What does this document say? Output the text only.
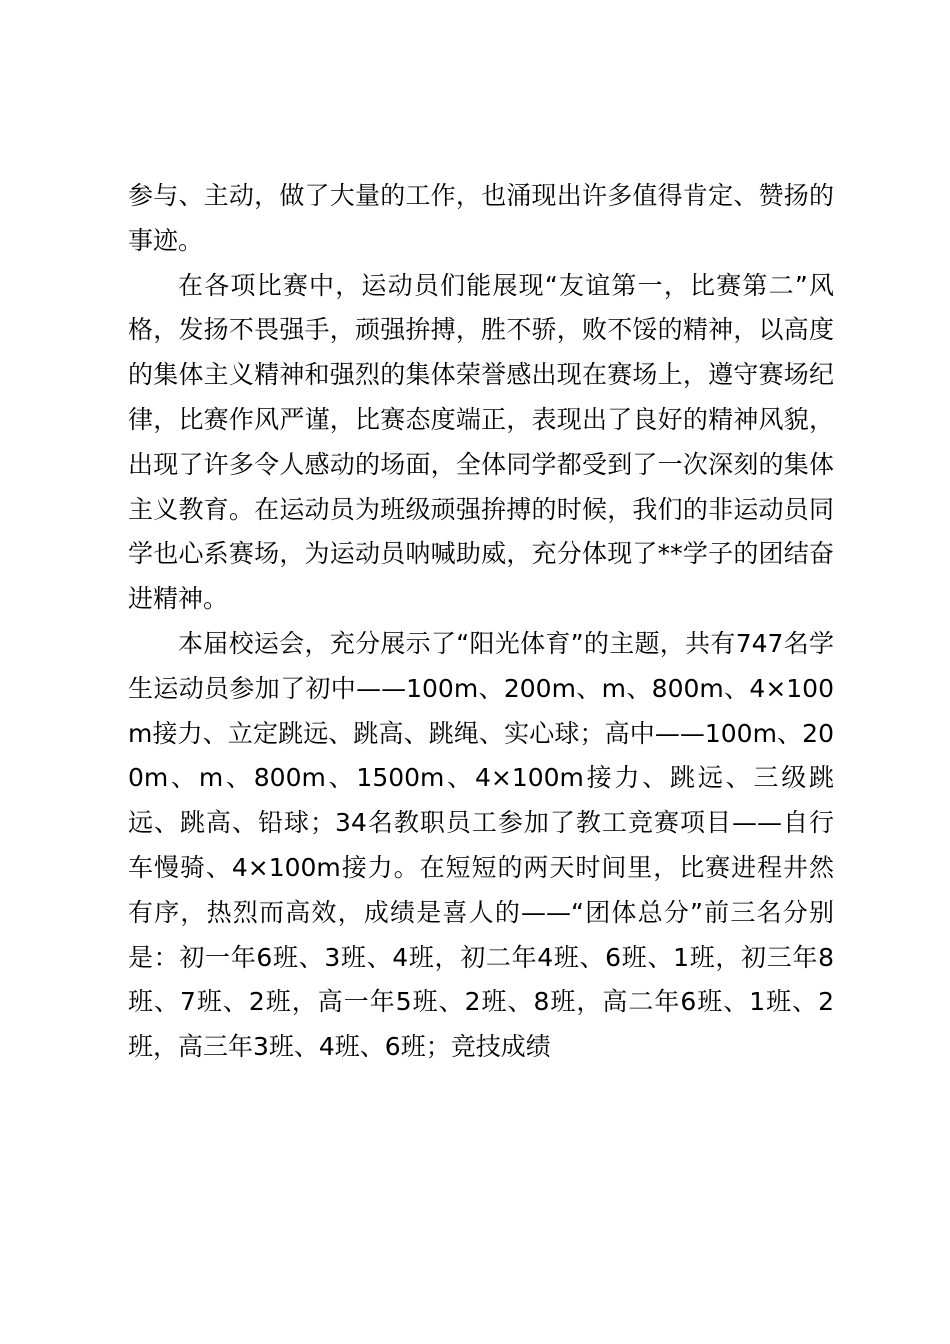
参与、主动，做了大量的工作，也涌现出许多值得肯定、赞扬的事迹。

在各项比赛中，运动员们能展现“友谊第一，比赛第二”风格，发扬不畏强手，顽强拚搏，胜不骄，败不馁的精神，以高度的集体主义精神和强烈的集体荣誉感出现在赛场上，遵守赛场纪律，比赛作风严谨，比赛态度端正，表现出了良好的精神风貌，出现了许多令人感动的场面，全体同学都受到了一次深刻的集体主义教育。在运动员为班级顽强拚搏的时候，我们的非运动员同学也心系赛场，为运动员呐喊助威，充分体现了**学子的团结奋进精神。

本届校运会，充分展示了“阳光体育”的主题，共有747名学生运动员参加了初中——100m、200m、m、800m、4×100m接力、立定跳远、跳高、跳绳、实心球；高中——100m、200m、m、800m、1500m、4×100m接力、跳远、三级跳远、跳高、铅球；34名教职员工参加了教工竞赛项目——自行车慢骑、4×100m接力。在短短的两天时间里，比赛进程井然有序，热烈而高效，成绩是喜人的——“团体总分”前三名分别是：初一年6班、3班、4班，初二年4班、6班、1班，初三年8班、7班、2班，高一年5班、2班、8班，高二年6班、1班、2班，高三年3班、4班、6班；竞技成绩
